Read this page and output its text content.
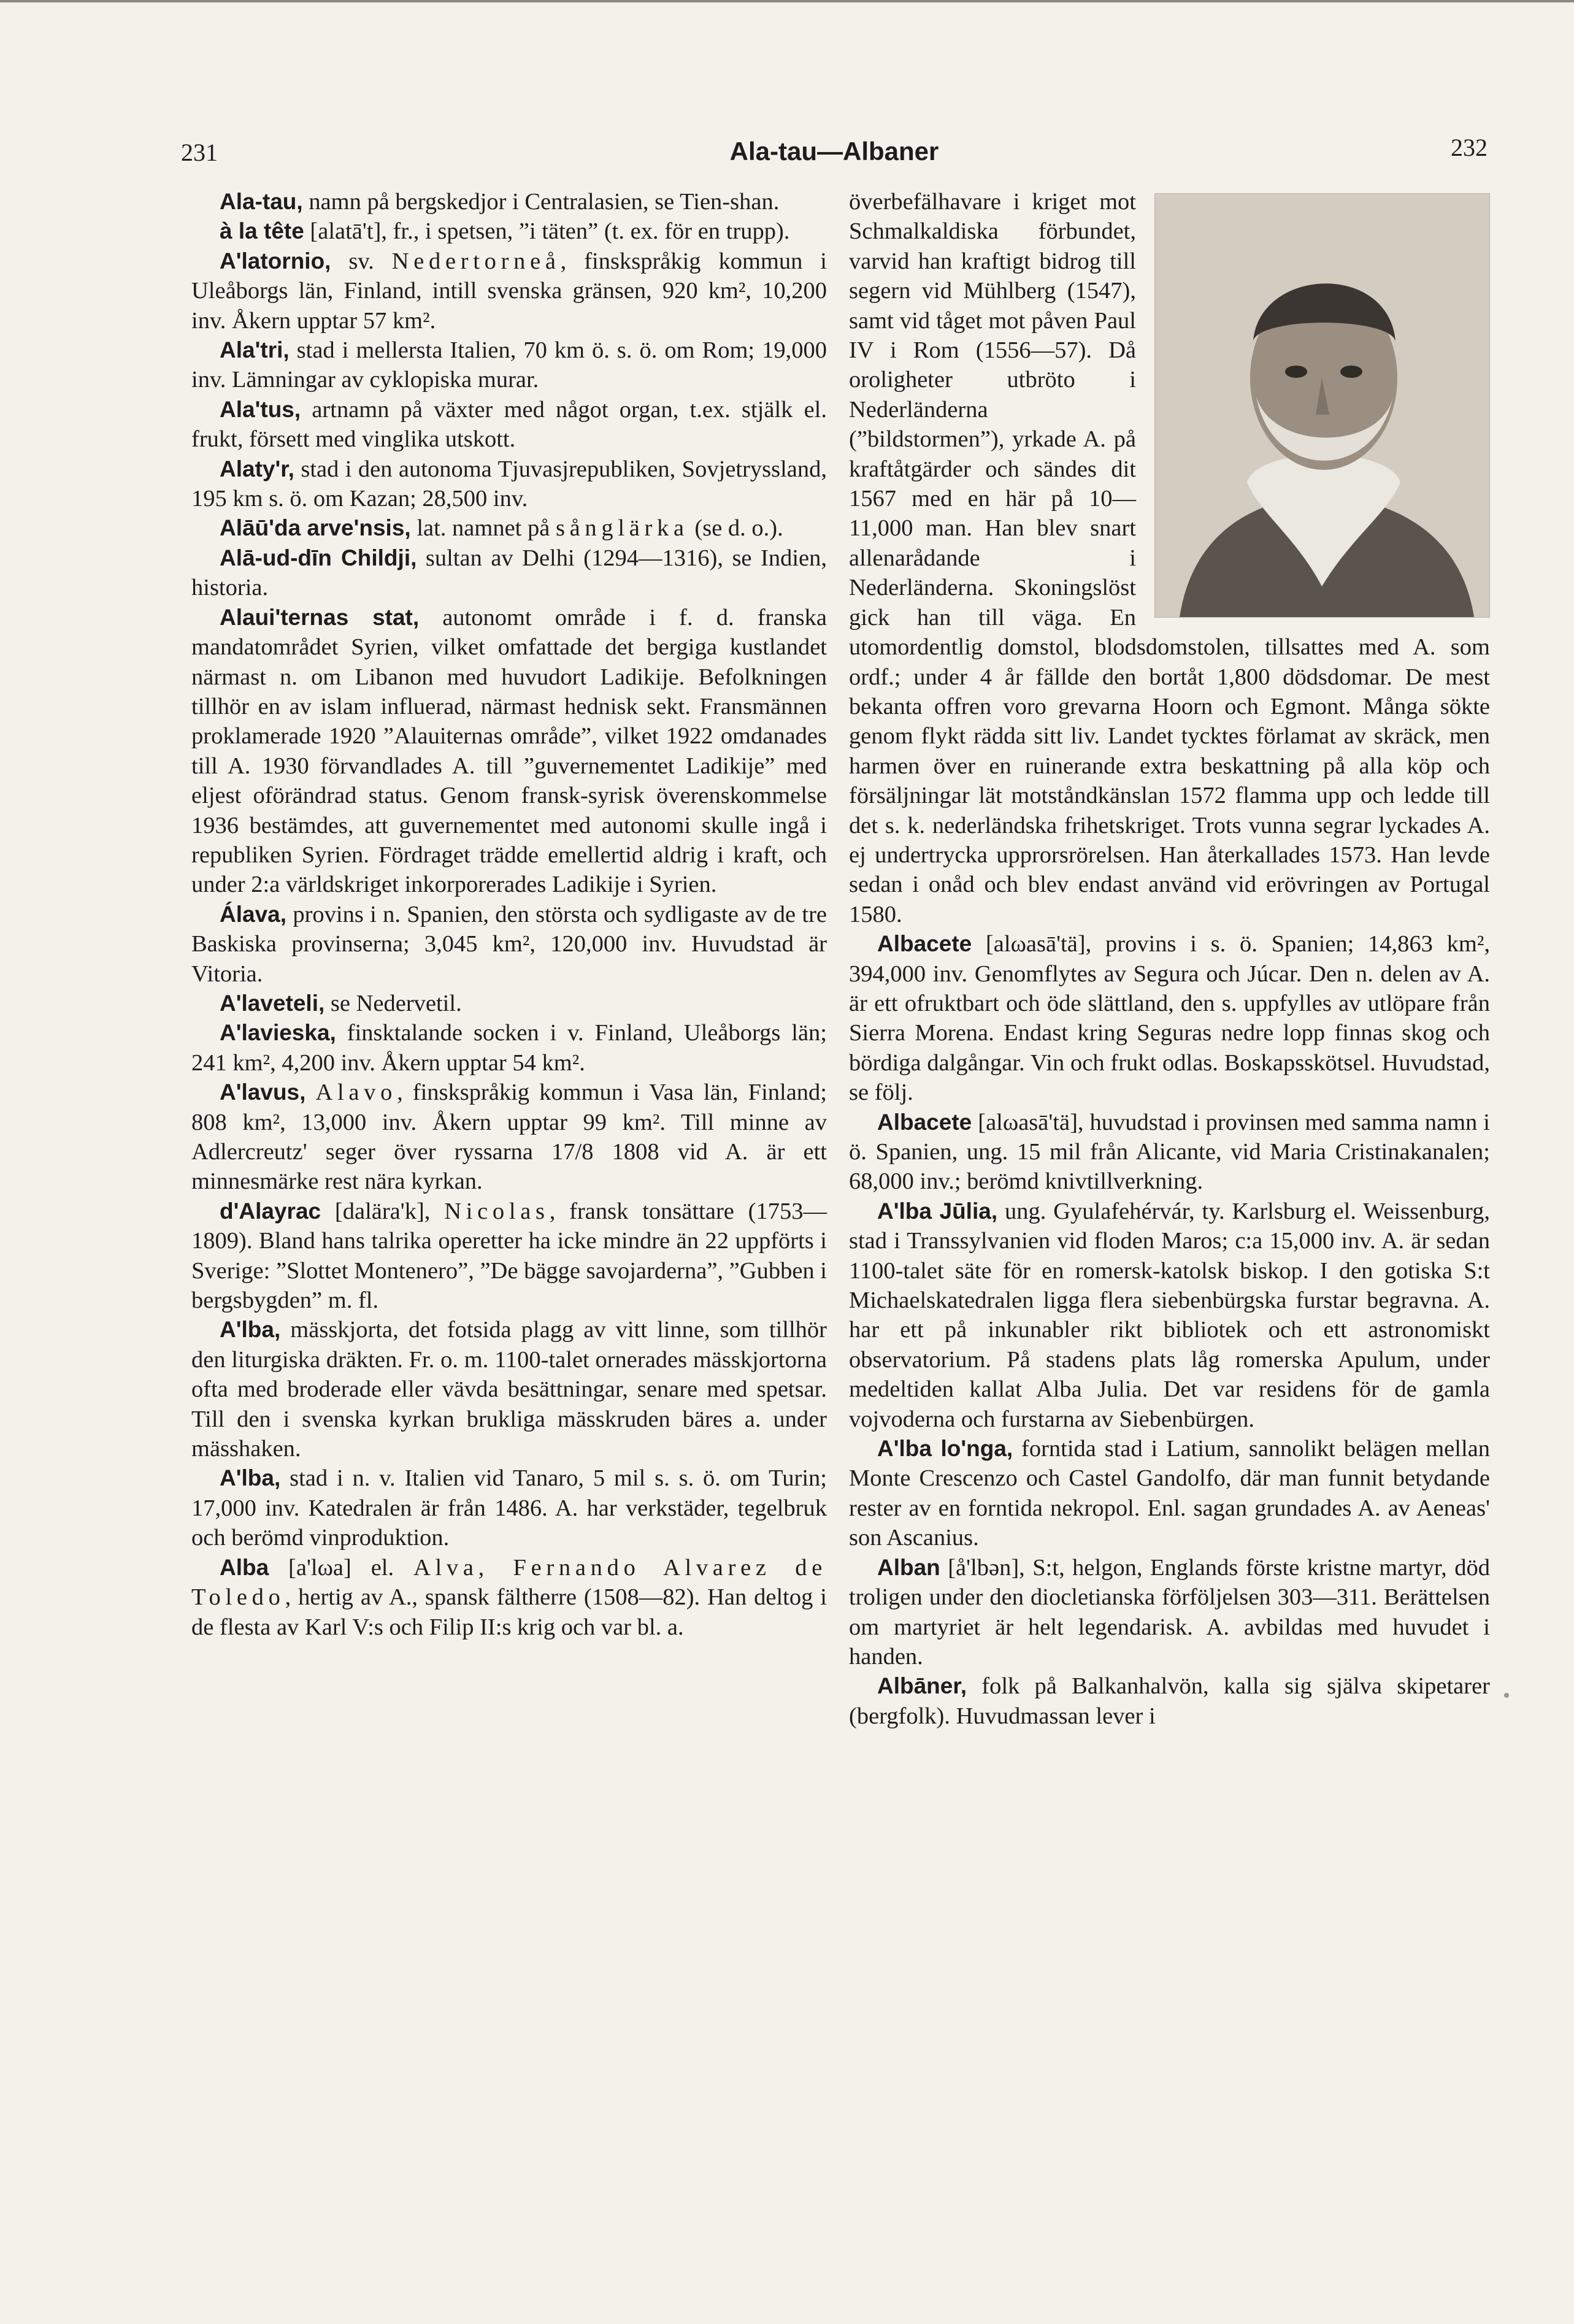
231	Ala-tau—Albaner	232

Ala-tau, namn på bergskedjor i Centralasien, se Tien-shan.

à la tête [alatā't], fr., i spetsen, ”i täten” (t. ex. för en trupp).

A'latornio, sv. Nedertorneå, finskspråkig kommun i Uleåborgs län, Finland, intill svenska gränsen, 920 km², 10,200 inv. Åkern upptar 57 km².

Ala'tri, stad i mellersta Italien, 70 km ö. s. ö. om Rom; 19,000 inv. Lämningar av cyklopiska murar.

Ala'tus, artnamn på växter med något organ, t.ex. stjälk el. frukt, försett med vinglika utskott.

Alaty'r, stad i den autonoma Tjuvasjrepubliken, Sovjetryssland, 195 km s. ö. om Kazan; 28,500 inv.

Alāū'da arve'nsis, lat. namnet på sånglärka (se d. o.).

Alā-ud-dīn Childji, sultan av Delhi (1294—1316), se Indien, historia.

Alaui'ternas stat, autonomt område i f. d. franska mandatområdet Syrien, vilket omfattade det bergiga kustlandet närmast n. om Libanon med huvudort Ladikije. Befolkningen tillhör en av islam influerad, närmast hednisk sekt. Fransmännen proklamerade 1920 ”Alauiternas område”, vilket 1922 omdanades till A. 1930 förvandlades A. till ”guvernementet Ladikije” med eljest oförändrad status. Genom fransk-syrisk överenskommelse 1936 bestämdes, att guvernementet med autonomi skulle ingå i republiken Syrien. Fördraget trädde emellertid aldrig i kraft, och under 2:a världskriget inkorporerades Ladikije i Syrien.

Álava, provins i n. Spanien, den största och sydligaste av de tre Baskiska provinserna; 3,045 km², 120,000 inv. Huvudstad är Vitoria.

A'laveteli, se Nedervetil.

A'lavieska, finsktalande socken i v. Finland, Uleåborgs län; 241 km², 4,200 inv. Åkern upptar 54 km².

A'lavus, Alavo, finskspråkig kommun i Vasa län, Finland; 808 km², 13,000 inv. Åkern upptar 99 km². Till minne av Adlercreutz' seger över ryssarna 17/8 1808 vid A. är ett minnesmärke rest nära kyrkan.

d'Alayrac [dalära'k], Nicolas, fransk tonsättare (1753—1809). Bland hans talrika operetter ha icke mindre än 22 uppförts i Sverige: ”Slottet Montenero”, ”De bägge savojarderna”, ”Gubben i bergsbygden” m. fl.

A'lba, mässkjorta, det fotsida plagg av vitt linne, som tillhör den liturgiska dräkten. Fr. o. m. 1100-talet ornerades mässkjortorna ofta med broderade eller vävda besättningar, senare med spetsar. Till den i svenska kyrkan brukliga mässkruden bäres a. under mässhaken.

A'lba, stad i n. v. Italien vid Tanaro, 5 mil s. s. ö. om Turin; 17,000 inv. Katedralen är från 1486. A. har verkstäder, tegelbruk och berömd vinproduktion.

Alba [a'lωa] el. Alva, Fernando Alvarez de Toledo, hertig av A., spansk fältherre (1508—82). Han deltog i de flesta av Karl V:s och Filip II:s krig och var bl. a.

överbefälhavare i kriget mot Schmalkaldiska förbundet, varvid han kraftigt bidrog till segern vid Mühlberg (1547), samt vid tåget mot påven Paul IV i Rom (1556—57). Då oroligheter utbröto i Nederländerna (”bildstormen”), yrkade A. på kraftåtgärder och sändes dit 1567 med en här på 10—11,000 man. Han blev snart allenarådande i Nederländerna. Skoningslöst gick han till väga. En utomordentlig domstol, blodsdomstolen, tillsattes med A. som ordf.; under 4 år fällde den bortåt 1,800 dödsdomar. De mest bekanta offren voro grevarna Hoorn och Egmont. Många sökte genom flykt rädda sitt liv. Landet tycktes förlamat av skräck, men harmen över en ruinerande extra beskattning på alla köp och försäljningar lät motståndkänslan 1572 flamma upp och ledde till det s. k. nederländska frihetskriget. Trots vunna segrar lyckades A. ej undertrycka upprorsrörelsen. Han återkallades 1573. Han levde sedan i onåd och blev endast använd vid erövringen av Portugal 1580.

Albacete [alωasā'tä], provins i s. ö. Spanien; 14,863 km², 394,000 inv. Genomflytes av Segura och Júcar. Den n. delen av A. är ett ofruktbart och öde slättland, den s. uppfylles av utlöpare från Sierra Morena. Endast kring Seguras nedre lopp finnas skog och bördiga dalgångar. Vin och frukt odlas. Boskapsskötsel. Huvudstad, se följ.

Albacete [alωasā'tä], huvudstad i provinsen med samma namn i ö. Spanien, ung. 15 mil från Alicante, vid Maria Cristinakanalen; 68,000 inv.; berömd knivtillverkning.

A'lba Jūlia, ung. Gyulafehérvár, ty. Karlsburg el. Weissenburg, stad i Transsylvanien vid floden Maros; c:a 15,000 inv. A. är sedan 1100-talet säte för en romersk-katolsk biskop. I den gotiska S:t Michaelskatedralen ligga flera siebenbürgska furstar begravna. A. har ett på inkunabler rikt bibliotek och ett astronomiskt observatorium. På stadens plats låg romerska Apulum, under medeltiden kallat Alba Julia. Det var residens för de gamla vojvoderna och furstarna av Siebenbürgen.

A'lba lo'nga, forntida stad i Latium, sannolikt belägen mellan Monte Crescenzo och Castel Gandolfo, där man funnit betydande rester av en forntida nekropol. Enl. sagan grundades A. av Aeneas' son Ascanius.

Alban [å'lbən], S:t, helgon, Englands förste kristne martyr, död troligen under den diocletianska förföljelsen 303—311. Berättelsen om martyriet är helt legendarisk. A. avbildas med huvudet i handen.

Albāner, folk på Balkanhalvön, kalla sig själva skipetarer (bergfolk). Huvudmassan lever i
